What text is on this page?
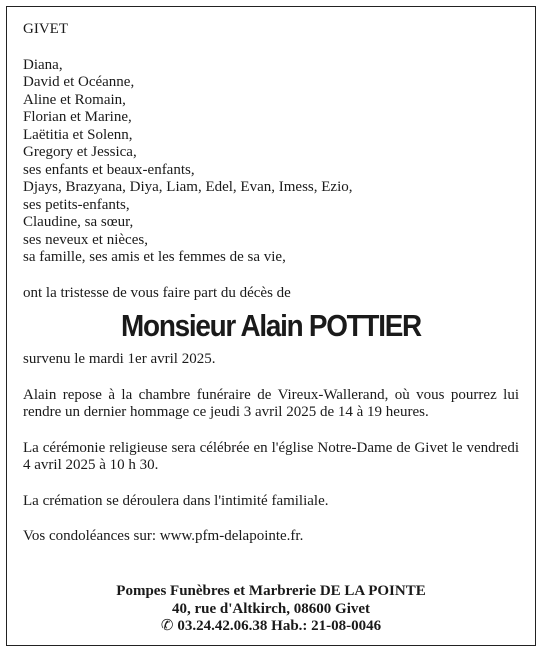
GIVET

Diana,
David et Océanne,
Aline et Romain,
Florian et Marine,
Laëtitia et Solenn,
Gregory et Jessica,
ses enfants et beaux-enfants,
Djays, Brazyana, Diya, Liam, Edel, Evan, Imess, Ezio,
ses petits-enfants,
Claudine, sa sœur,
ses neveux et nièces,
sa famille, ses amis et les femmes de sa vie,

ont la tristesse de vous faire part du décès de

Monsieur Alain POTTIER

survenu le mardi 1er avril 2025.

Alain repose à la chambre funéraire de Vireux-Wallerand, où vous pourrez lui rendre un dernier hommage ce jeudi 3 avril 2025 de 14 à 19 heures.

La cérémonie religieuse sera célébrée en l'église Notre-Dame de Givet le vendredi 4 avril 2025 à 10 h 30.

La crémation se déroulera dans l'intimité familiale.

Vos condoléances sur: www.pfm-delapointe.fr.

Pompes Funèbres et Marbrerie DE LA POINTE
40, rue d'Altkirch, 08600 Givet
✆ 03.24.42.06.38 Hab.: 21-08-0046
